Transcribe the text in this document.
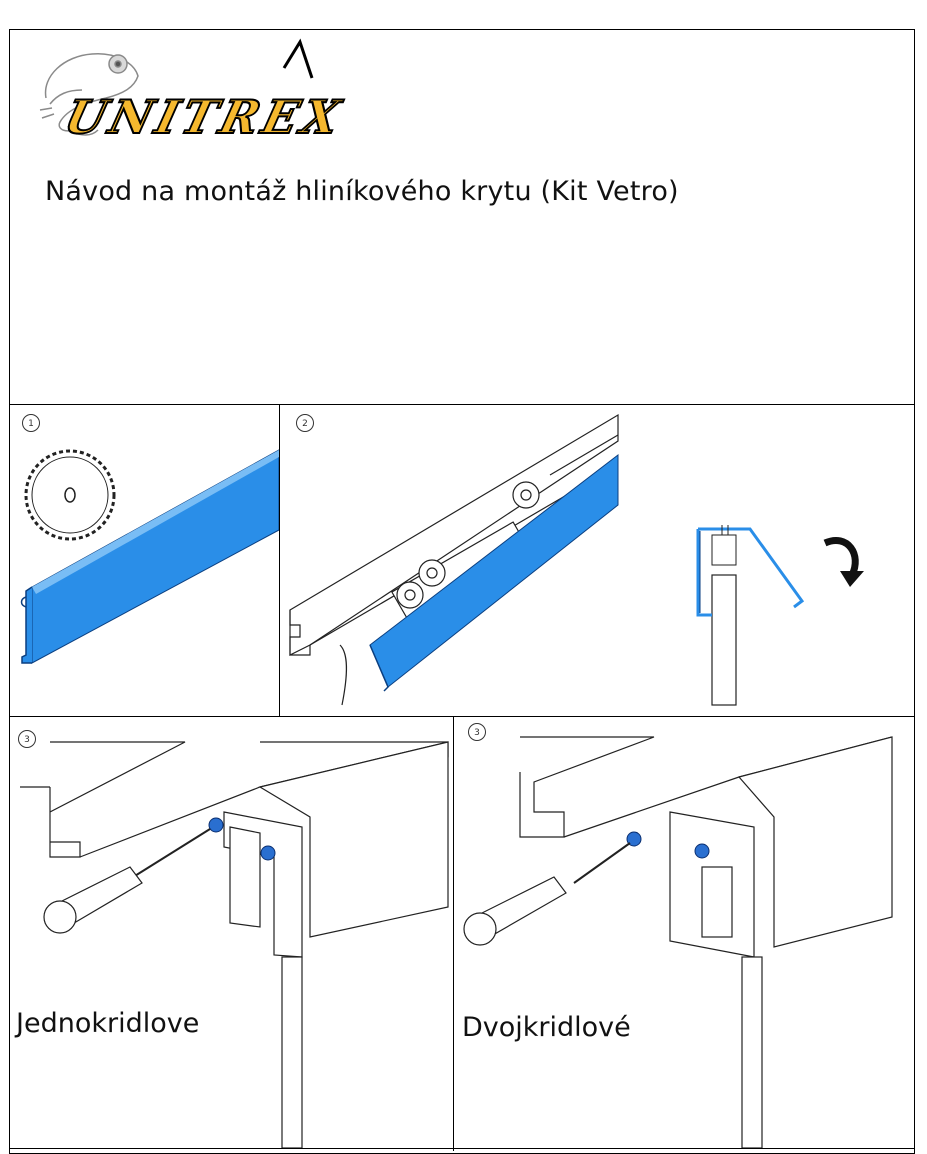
UNITREX
Návod na montáž hliníkového krytu (Kit Vetro)
1	2
3
Jednokridlove
3
Dvojkridlové
